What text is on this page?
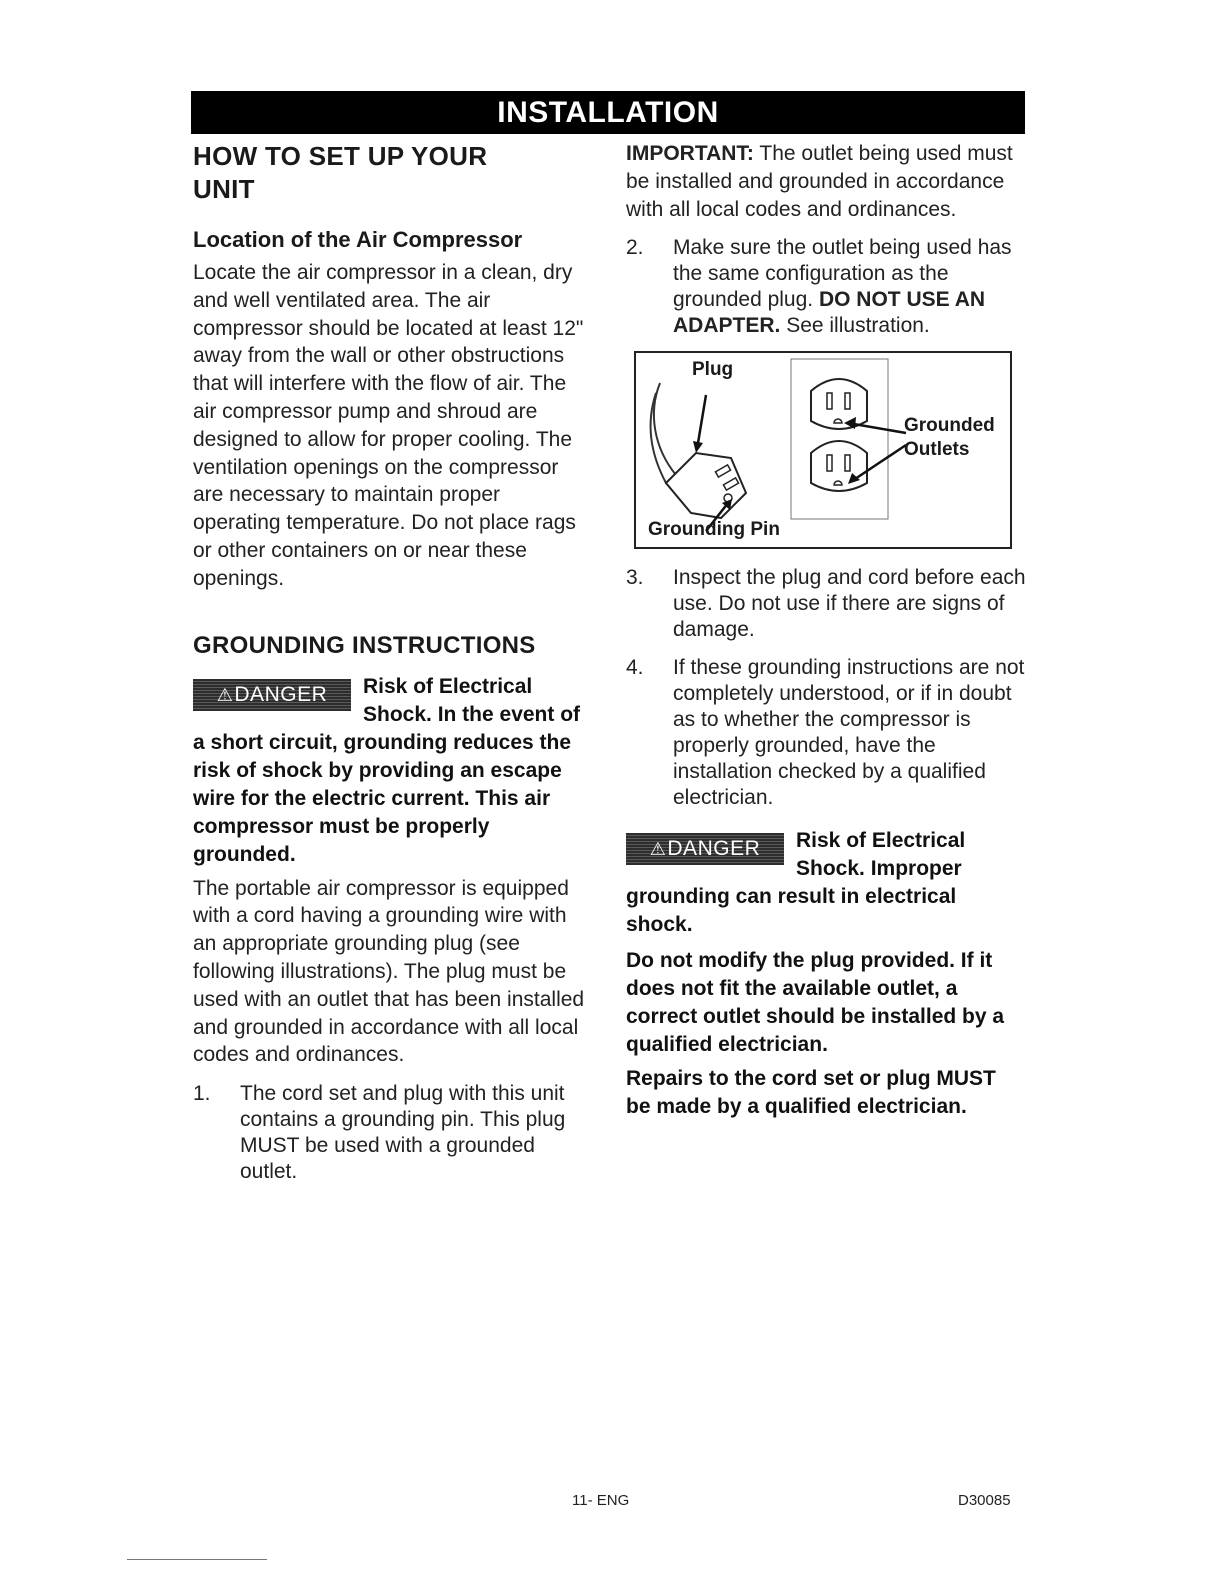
INSTALLATION
HOW TO SET UP YOUR UNIT
Location of the Air Compressor

Locate the air compressor in a clean, dry and well ventilated area. The air compressor should be located at least 12" away from the wall or other obstructions that will interfere with the flow of air. The air compressor pump and shroud are designed to allow for proper cooling. The ventilation openings on the compressor are necessary to maintain proper operating temperature. Do not place rags or other containers on or near these openings.

GROUNDING INSTRUCTIONS
⚠DANGER	Risk of Electrical Shock. In the event of a short circuit, grounding reduces the risk of shock by providing an escape wire for the electric current. This air compressor must be properly grounded.

The portable air compressor is equipped with a cord having a grounding wire with an appropriate grounding plug (see following illustrations). The plug must be used with an outlet that has been installed and grounded in accordance with all local codes and ordinances.

1. The cord set and plug with this unit contains a grounding pin. This plug MUST be used with a grounded outlet.

IMPORTANT: The outlet being used must be installed and grounded in accordance with all local codes and ordinances.

2. Make sure the outlet being used has the same configuration as the grounded plug. DO NOT USE AN ADAPTER. See illustration.
Plug
Grounded
Outlets
Grounding Pin
3. Inspect the plug and cord before each use. Do not use if there are signs of damage.
4. If these grounding instructions are not completely understood, or if in doubt as to whether the compressor is properly grounded, have the installation checked by a qualified electrician.
⚠DANGER	Risk of Electrical Shock. Improper grounding can result in electrical shock.

Do not modify the plug provided. If it does not fit the available outlet, a correct outlet should be installed by a qualified electrician.

Repairs to the cord set or plug MUST be made by a qualified electrician.

11- ENG	D30085
